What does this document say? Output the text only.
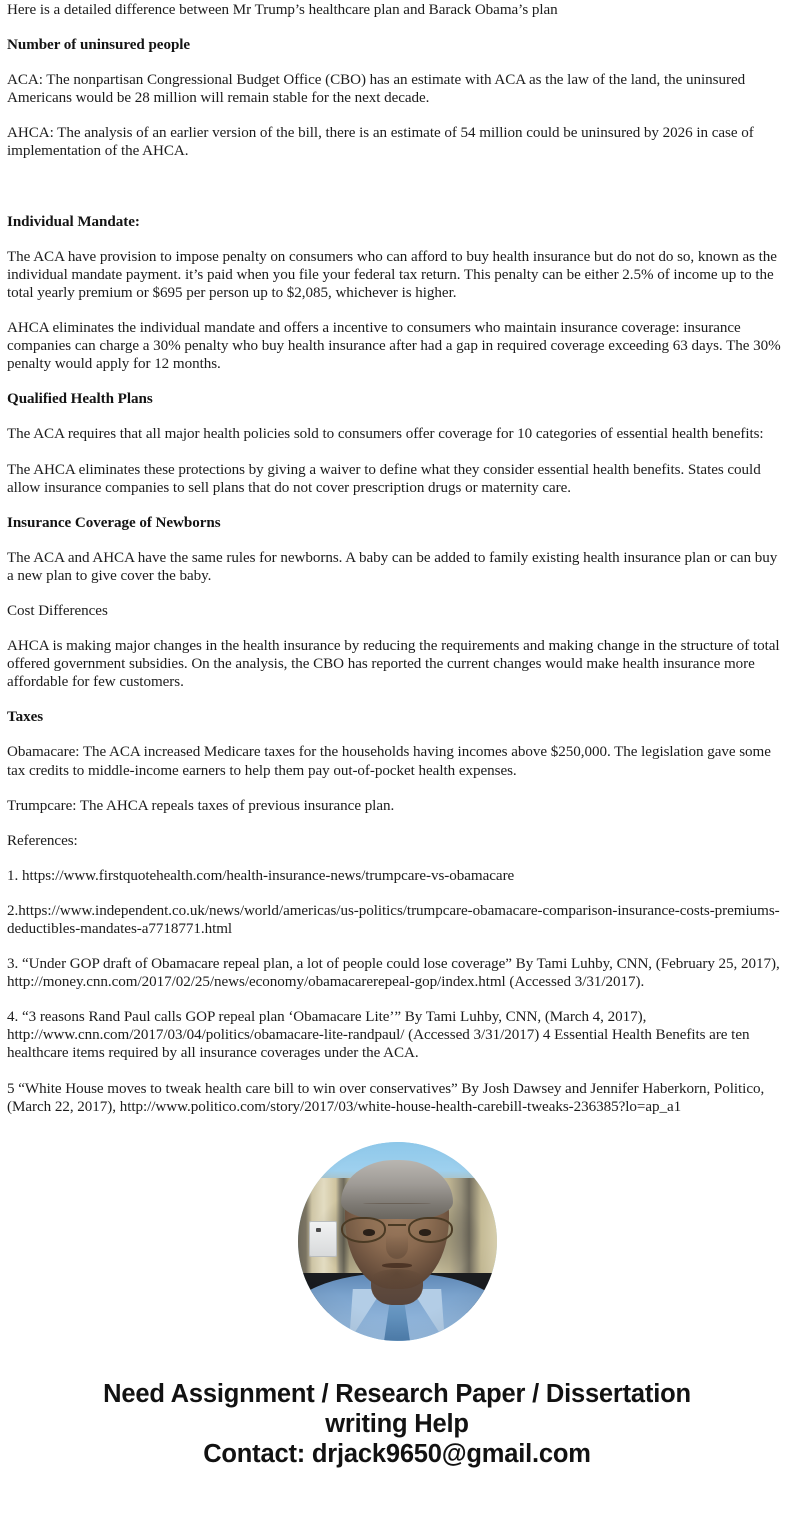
Here is a detailed difference between Mr Trump’s healthcare plan and Barack Obama’s plan

Number of uninsured people

ACA: The nonpartisan Congressional Budget Office (CBO) has an estimate with ACA as the law of the land, the uninsured Americans would be 28 million will remain stable for the next decade.

AHCA: The analysis of an earlier version of the bill, there is an estimate of 54 million could be uninsured by 2026 in case of implementation of the AHCA.

Individual Mandate:

The ACA have provision to impose penalty on consumers who can afford to buy health insurance but do not do so, known as the individual mandate payment. it’s paid when you file your federal tax return. This penalty can be either 2.5% of income up to the total yearly premium or $695 per person up to $2,085, whichever is higher.

AHCA eliminates the individual mandate and offers a incentive to consumers who maintain insurance coverage: insurance companies can charge a 30% penalty who buy health insurance after had a gap in required coverage exceeding 63 days. The 30% penalty would apply for 12 months.

Qualified Health Plans

The ACA requires that all major health policies sold to consumers offer coverage for 10 categories of essential health benefits:

The AHCA eliminates these protections by giving a waiver to define what they consider essential health benefits. States could allow insurance companies to sell plans that do not cover prescription drugs or maternity care.

Insurance Coverage of Newborns

The ACA and AHCA have the same rules for newborns. A baby can be added to family existing health insurance plan or can buy a new plan to give cover the baby.

Cost Differences

AHCA is making major changes in the health insurance by reducing the requirements and making change in the structure of total offered government subsidies. On the analysis, the CBO has reported the current changes would make health insurance more affordable for few customers.

Taxes

Obamacare: The ACA increased Medicare taxes for the households having incomes above $250,000. The legislation gave some tax credits to middle-income earners to help them pay out-of-pocket health expenses.

Trumpcare: The AHCA repeals taxes of previous insurance plan.

References:

1. https://www.firstquotehealth.com/health-insurance-news/trumpcare-vs-obamacare

2.https://www.independent.co.uk/news/world/americas/us-politics/trumpcare-obamacare-comparison-insurance-costs-premiums-deductibles-mandates-a7718771.html

3. “Under GOP draft of Obamacare repeal plan, a lot of people could lose coverage” By Tami Luhby, CNN, (February 25, 2017), http://money.cnn.com/2017/02/25/news/economy/obamacarerepeal-gop/index.html (Accessed 3/31/2017).

4. “3 reasons Rand Paul calls GOP repeal plan ‘Obamacare Lite’” By Tami Luhby, CNN, (March 4, 2017), http://www.cnn.com/2017/03/04/politics/obamacare-lite-randpaul/ (Accessed 3/31/2017) 4 Essential Health Benefits are ten healthcare items required by all insurance coverages under the ACA.

5 “White House moves to tweak health care bill to win over conservatives” By Josh Dawsey and Jennifer Haberkorn, Politico, (March 22, 2017), http://www.politico.com/story/2017/03/white-house-health-carebill-tweaks-236385?lo=ap_a1

Need Assignment / Research Paper / Dissertation
writing Help
Contact: drjack9650@gmail.com
